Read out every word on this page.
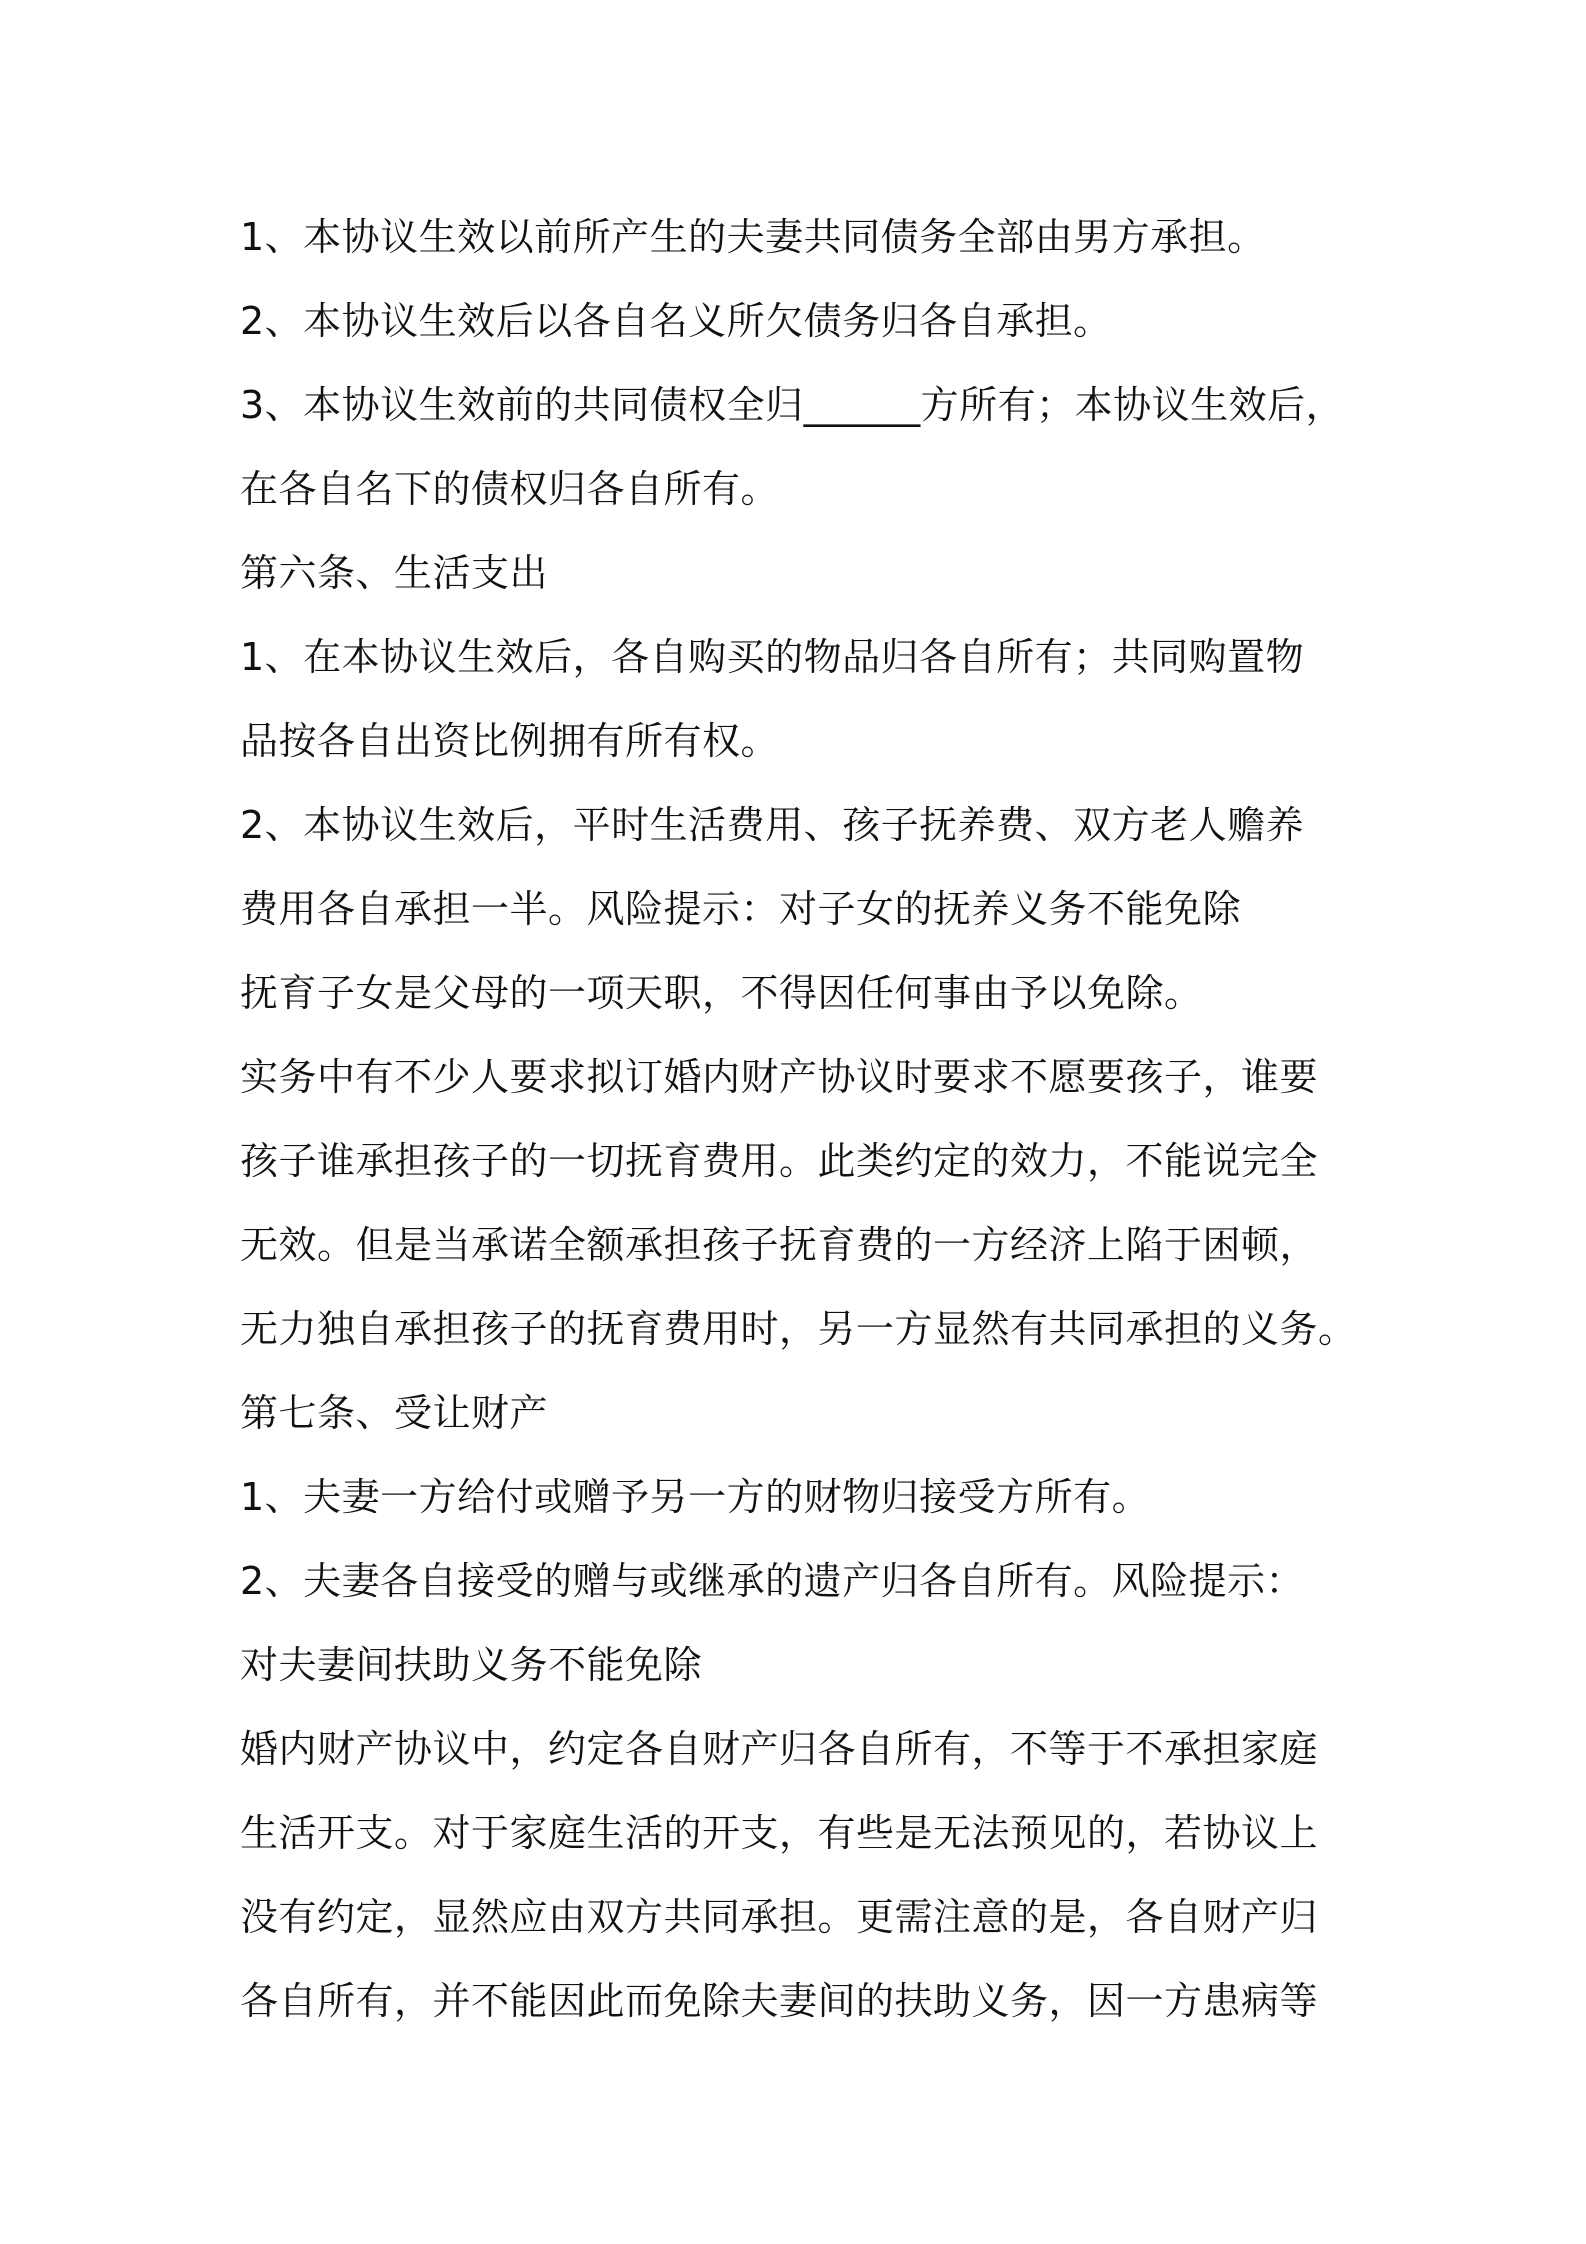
1、本协议生效以前所产生的夫妻共同债务全部由男方承担。
2、本协议生效后以各自名义所欠债务归各自承担。
3、本协议生效前的共同债权全归______方所有；本协议生效后，
在各自名下的债权归各自所有。
第六条、生活支出
1、在本协议生效后，各自购买的物品归各自所有；共同购置物
品按各自出资比例拥有所有权。
2、本协议生效后，平时生活费用、孩子抚养费、双方老人赡养
费用各自承担一半。风险提示：对子女的抚养义务不能免除
抚育子女是父母的一项天职，不得因任何事由予以免除。
实务中有不少人要求拟订婚内财产协议时要求不愿要孩子，谁要
孩子谁承担孩子的一切抚育费用。此类约定的效力，不能说完全
无效。但是当承诺全额承担孩子抚育费的一方经济上陷于困顿，
无力独自承担孩子的抚育费用时，另一方显然有共同承担的义务。
第七条、受让财产
1、夫妻一方给付或赠予另一方的财物归接受方所有。
2、夫妻各自接受的赠与或继承的遗产归各自所有。风险提示：
对夫妻间扶助义务不能免除
婚内财产协议中，约定各自财产归各自所有，不等于不承担家庭
生活开支。对于家庭生活的开支，有些是无法预见的，若协议上
没有约定，显然应由双方共同承担。更需注意的是，各自财产归
各自所有，并不能因此而免除夫妻间的扶助义务，因一方患病等
